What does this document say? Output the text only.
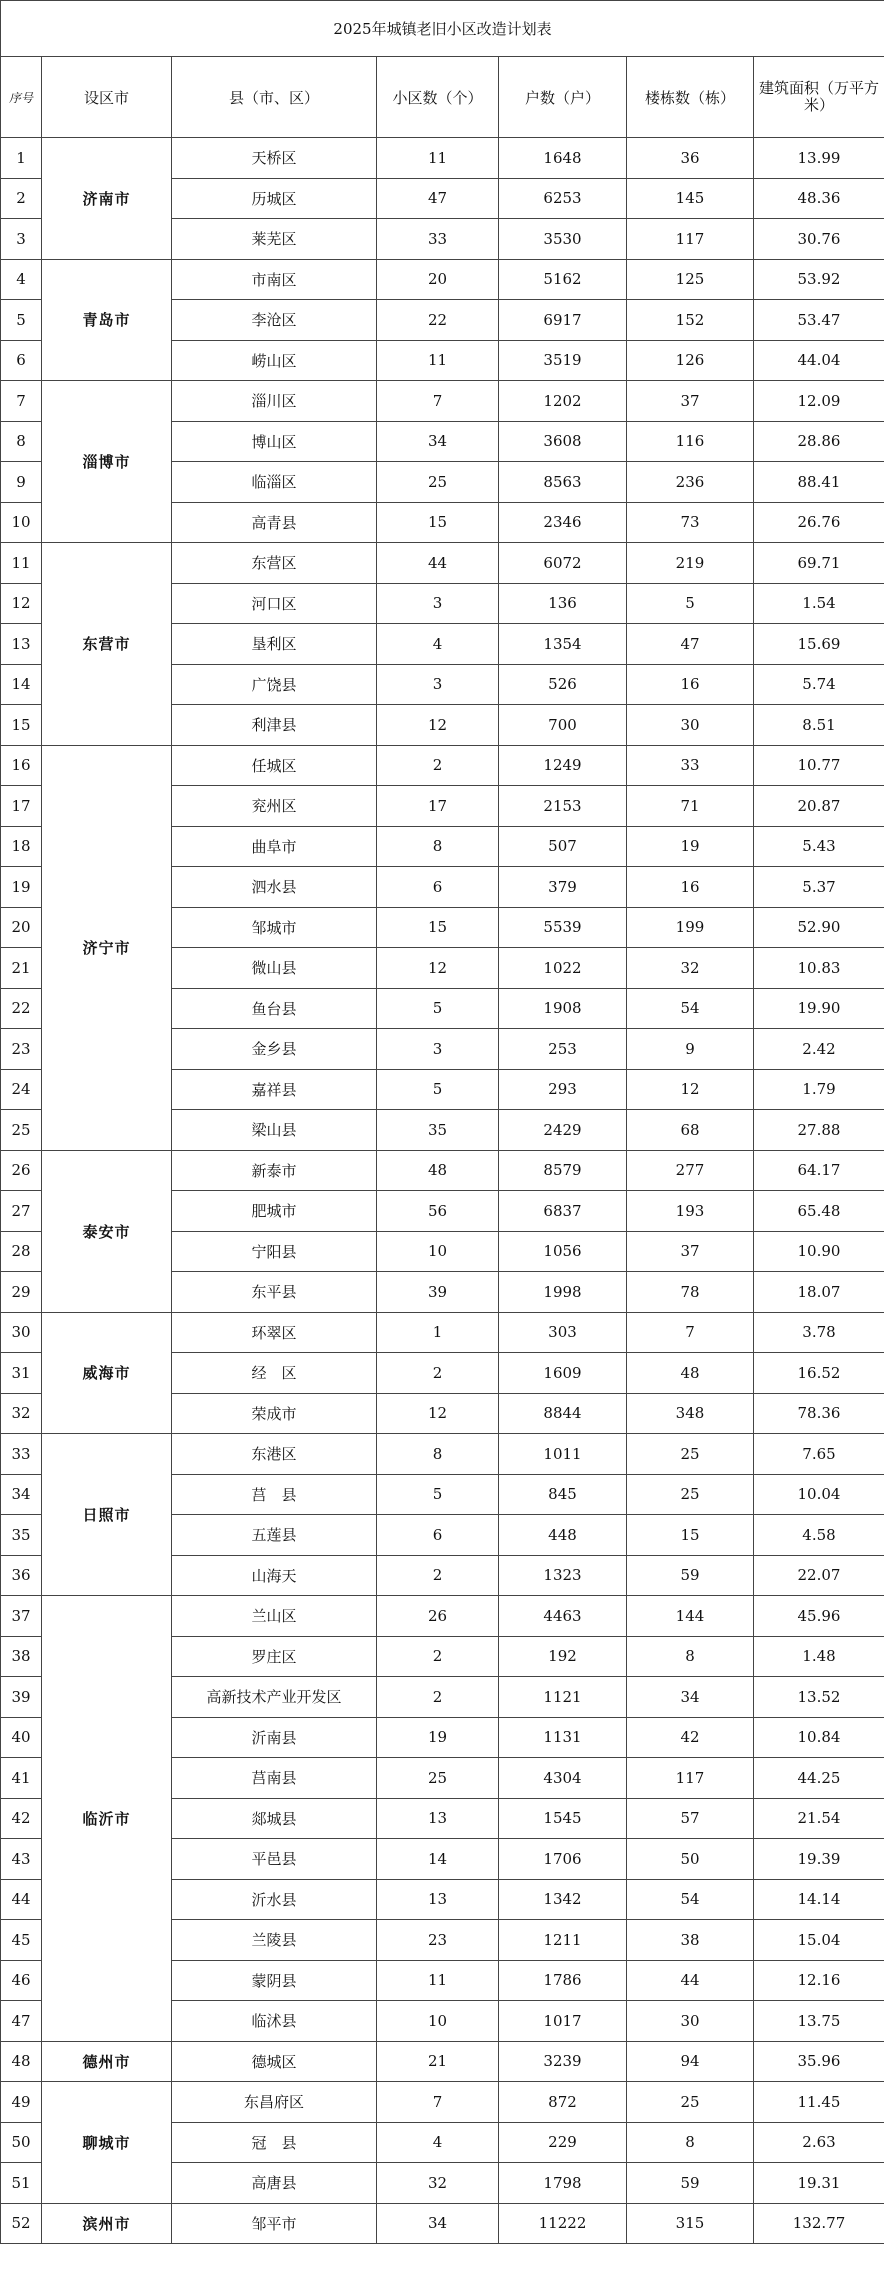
2025年城镇老旧小区改造计划表						
序号	设区市	县（市、区）	小区数（个）	户数（户）	楼栋数（栋）	建筑面积（万平方米）
1	济南市	天桥区	11	1648	36	13.99
2		历城区	47	6253	145	48.36
3		莱芜区	33	3530	117	30.76
4	青岛市	市南区	20	5162	125	53.92
5		李沧区	22	6917	152	53.47
6		崂山区	11	3519	126	44.04
7	淄博市	淄川区	7	1202	37	12.09
8		博山区	34	3608	116	28.86
9		临淄区	25	8563	236	88.41
10		高青县	15	2346	73	26.76
11	东营市	东营区	44	6072	219	69.71
12		河口区	3	136	5	1.54
13		垦利区	4	1354	47	15.69
14		广饶县	3	526	16	5.74
15		利津县	12	700	30	8.51
16	济宁市	任城区	2	1249	33	10.77
17		兖州区	17	2153	71	20.87
18		曲阜市	8	507	19	5.43
19		泗水县	6	379	16	5.37
20		邹城市	15	5539	199	52.90
21		微山县	12	1022	32	10.83
22		鱼台县	5	1908	54	19.90
23		金乡县	3	253	9	2.42
24		嘉祥县	5	293	12	1.79
25		梁山县	35	2429	68	27.88
26	泰安市	新泰市	48	8579	277	64.17
27		肥城市	56	6837	193	65.48
28		宁阳县	10	1056	37	10.90
29		东平县	39	1998	78	18.07
30	威海市	环翠区	1	303	7	3.78
31		经　区	2	1609	48	16.52
32		荣成市	12	8844	348	78.36
33	日照市	东港区	8	1011	25	7.65
34		莒　县	5	845	25	10.04
35		五莲县	6	448	15	4.58
36		山海天	2	1323	59	22.07
37	临沂市	兰山区	26	4463	144	45.96
38		罗庄区	2	192	8	1.48
39		高新技术产业开发区	2	1121	34	13.52
40		沂南县	19	1131	42	10.84
41		莒南县	25	4304	117	44.25
42		郯城县	13	1545	57	21.54
43		平邑县	14	1706	50	19.39
44		沂水县	13	1342	54	14.14
45		兰陵县	23	1211	38	15.04
46		蒙阴县	11	1786	44	12.16
47		临沭县	10	1017	30	13.75
48	德州市	德城区	21	3239	94	35.96
49	聊城市	东昌府区	7	872	25	11.45
50		冠　县	4	229	8	2.63
51		高唐县	32	1798	59	19.31
52	滨州市	邹平市	34	11222	315	132.77
